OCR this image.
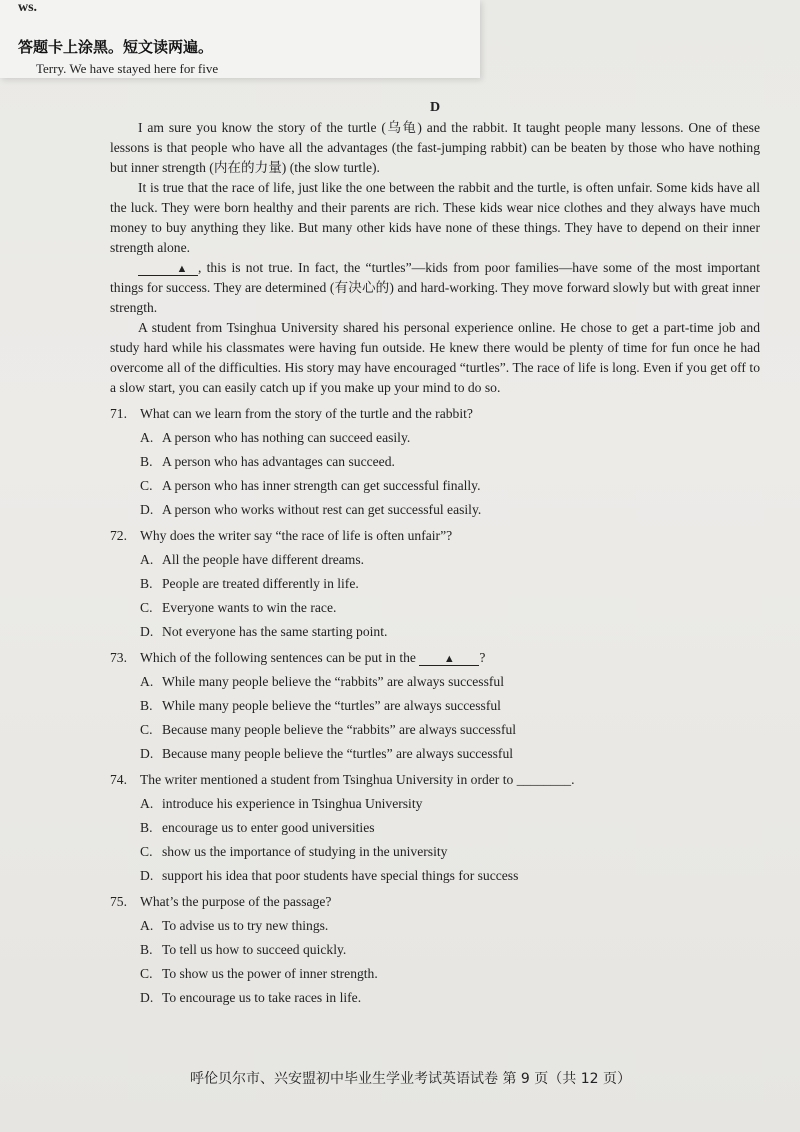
ws.
答题卡上涂黑。短文读两遍。
Terry. We have stayed here for five
D

I am sure you know the story of the turtle (乌龟) and the rabbit. It taught people many lessons. One of these lessons is that people who have all the advantages (the fast-jumping rabbit) can be beaten by those who have nothing but inner strength (内在的力量) (the slow turtle).

It is true that the race of life, just like the one between the rabbit and the turtle, is often unfair. Some kids have all the luck. They were born healthy and their parents are rich. These kids wear nice clothes and they always have much money to buy anything they like. But many other kids have none of these things. They have to depend on their inner strength alone.

▲ , this is not true. In fact, the “turtles”—kids from poor families—have some of the most important things for success. They are determined (有决心的) and hard-working. They move forward slowly but with great inner strength.

A student from Tsinghua University shared his personal experience online. He chose to get a part-time job and study hard while his classmates were having fun outside. He knew there would be plenty of time for fun once he had overcome all of the difficulties. His story may have encouraged “turtles”. The race of life is long. Even if you get off to a slow start, you can easily catch up if you make up your mind to do so.

71. What can we learn from the story of the turtle and the rabbit?
A. A person who has nothing can succeed easily.
B. A person who has advantages can succeed.
C. A person who has inner strength can get successful finally.
D. A person who works without rest can get successful easily.
72. Why does the writer say “the race of life is often unfair”?
A. All the people have different dreams.
B. People are treated differently in life.
C. Everyone wants to win the race.
D. Not everyone has the same starting point.
73. Which of the following sentences can be put in the	▲ ?
A. While many people believe the “rabbits” are always successful
B. While many people believe the “turtles” are always successful
C. Because many people believe the “rabbits” are always successful
D. Because many people believe the “turtles” are always successful
74. The writer mentioned a student from Tsinghua University in order to ________.
A. introduce his experience in Tsinghua University
B. encourage us to enter good universities
C. show us the importance of studying in the university
D. support his idea that poor students have special things for success
75. What’s the purpose of the passage?
A. To advise us to try new things.
B. To tell us how to succeed quickly.
C. To show us the power of inner strength.
D. To encourage us to take races in life.
呼伦贝尔市、兴安盟初中毕业生学业考试英语试卷 第 9 页（共 12 页）
